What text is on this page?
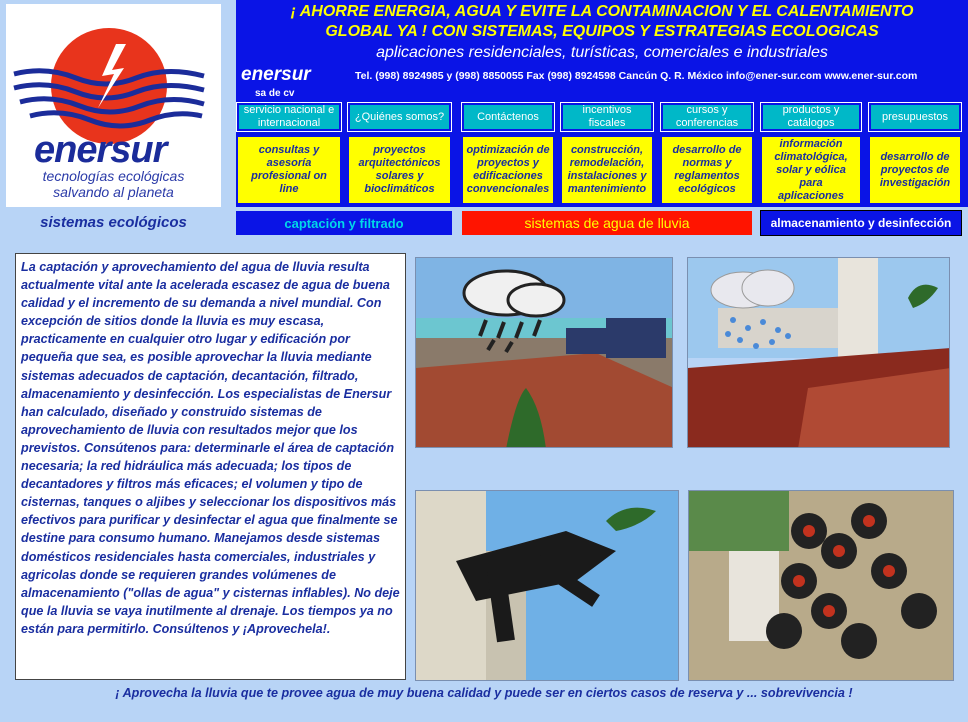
enersur
tecnologías ecológicas
salvando al planeta
sistemas ecológicos
¡ AHORRE ENERGIA, AGUA Y EVITE LA CONTAMINACION Y EL CALENTAMIENTO
GLOBAL YA ! CON SISTEMAS, EQUIPOS Y ESTRATEGIAS ECOLOGICAS
aplicaciones residenciales, turísticas, comerciales e industriales
enersur
sa de cv
Tel. (998) 8924985 y (998) 8850055 Fax (998) 8924598 Cancún Q. R. México info@ener-sur.com www.ener-sur.com
servicio nacional e internacional
¿Quiénes somos?	Contáctenos
incentivos fiscales
cursos y conferencias
productos y catálogos
presupuestos
consultas y asesoría profesional on line
proyectos arquitectónicos solares y bioclimáticos
optimización de proyectos y edificaciones convencionales
construcción, remodelación, instalaciones y mantenimiento
desarrollo de normas y reglamentos ecológicos
información climatológica, solar y eólica para aplicaciones
desarrollo de proyectos de investigación
captación y filtrado	sistemas de agua de lluvia	almacenamiento y desinfección
La captación y aprovechamiento del agua de lluvia resulta actualmente vital ante la acelerada escasez de agua de buena calidad y el incremento de su demanda a nivel mundial. Con excepción de sitios donde la lluvia es muy escasa, practicamente en cualquier otro lugar y edificación por pequeña que sea, es posible aprovechar la lluvia mediante sistemas adecuados de captación, decantación, filtrado, almacenamiento y desinfección. Los especialistas de Enersur han calculado, diseñado y construido sistemas de aprovechamiento de lluvia con resultados mejor que los previstos. Consútenos para: determinarle el área de captación necesaria; la red hidráulica más adecuada; los tipos de decantadores y filtros más eficaces; el volumen y tipo de cisternas, tanques o aljibes y seleccionar los dispositivos más efectivos para purificar y desinfectar el agua que finalmente se destine para consumo humano. Manejamos desde sistemas domésticos residenciales hasta comerciales, industriales y agricolas donde se requieren grandes volúmenes de almacenamiento ("ollas de agua" y cisternas inflables). No deje que la lluvia se vaya inutilmente al drenaje. Los tiempos ya no están para permitirlo. Consúltenos y ¡Aprovechela!.
¡ Aprovecha la lluvia que te provee agua de muy buena calidad y puede ser en ciertos casos de reserva y ... sobrevivencia !
